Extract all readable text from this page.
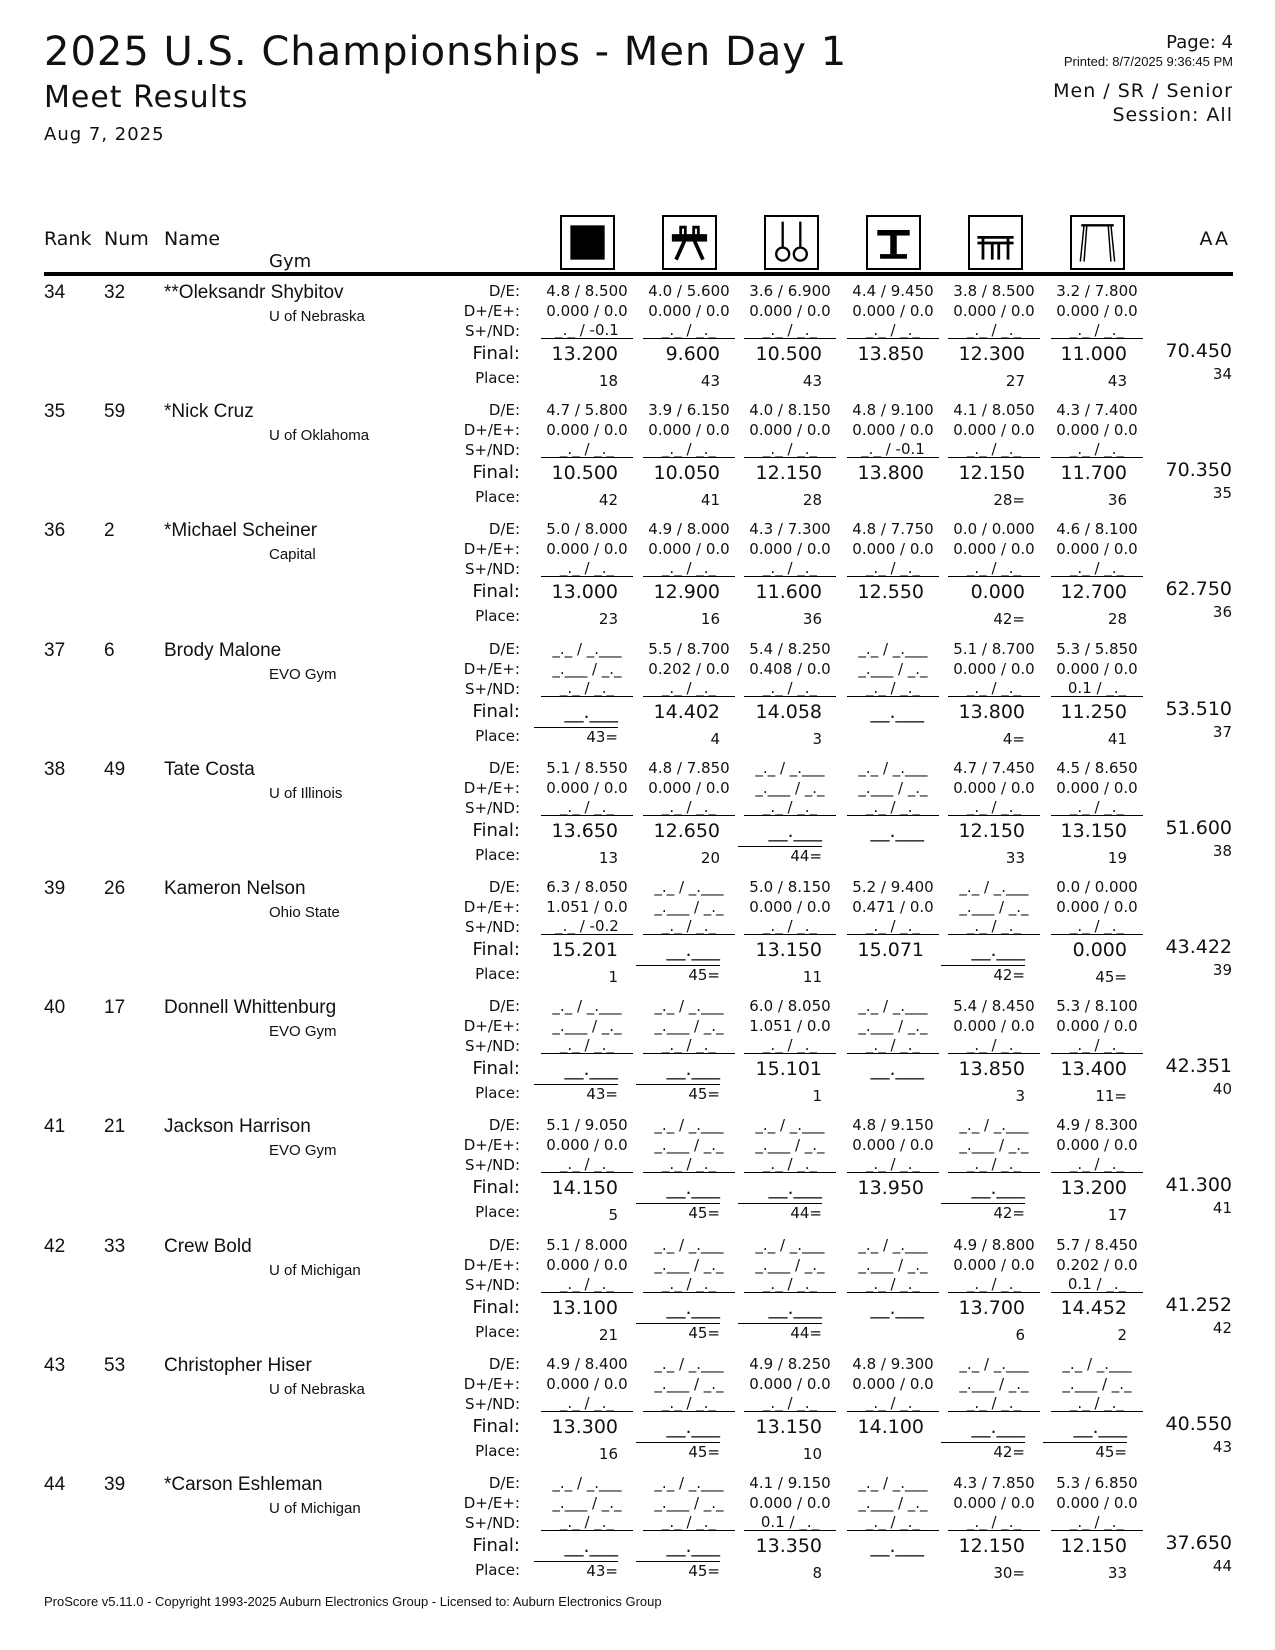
2025 U.S. Championships - Men Day 1
Meet Results
Aug 7, 2025
Page: 4
Printed: 8/7/2025 9:36:45 PM
Men / SR / Senior
Session: All
Rank Num Name
Gym
AA
34 32 **Oleksandr Shybitov
U of Nebraska
D/E:
D+/E+:
S+/ND:
Final:
Place:
4.8 / 8.500
0.000 / 0.0
_._ / -0.1
13.200
18
4.0 / 5.600
0.000 / 0.0
_._ / _._
9.600
43
3.6 / 6.900
0.000 / 0.0
_._ / _._
10.500
43
4.4 / 9.450
0.000 / 0.0
_._ / _._
13.850
3.8 / 8.500
0.000 / 0.0
_._ / _._
12.300
27
3.2 / 7.800
0.000 / 0.0
_._ / _._
11.000
43
70.450
34
35 59 *Nick Cruz
U of Oklahoma
D/E:
D+/E+:
S+/ND:
Final:
Place:
4.7 / 5.800
0.000 / 0.0
_._ / _._
10.500
42
3.9 / 6.150
0.000 / 0.0
_._ / _._
10.050
41
4.0 / 8.150
0.000 / 0.0
_._ / _._
12.150
28
4.8 / 9.100
0.000 / 0.0
_._ / -0.1
13.800
4.1 / 8.050
0.000 / 0.0
_._ / _._
12.150
28=
4.3 / 7.400
0.000 / 0.0
_._ / _._
11.700
36
70.350
35
36 2	*Michael Scheiner
Capital
D/E:
D+/E+:
S+/ND:
Final:
Place:
5.0 / 8.000
0.000 / 0.0
_._ / _._
13.000
23
4.9 / 8.000
0.000 / 0.0
_._ / _._
12.900
16
4.3 / 7.300
0.000 / 0.0
_._ / _._
11.600
36
4.8 / 7.750
0.000 / 0.0
_._ / _._
12.550
0.0 / 0.000
0.000 / 0.0
_._ / _._
0.000
42=
4.6 / 8.100
0.000 / 0.0
_._ / _._
12.700
28
62.750
36
37 6	Brody Malone
EVO Gym
D/E:
D+/E+:
S+/ND:
Final:
Place:
_._ / _.___
_.___ / _._
_._ / _._
__.___
43=
5.5 / 8.700
0.202 / 0.0
_._ / _._
14.402
4
5.4 / 8.250
0.408 / 0.0
_._ / _._
14.058
3
_._ / _.___
_.___ / _._
_._ / _._
__.___
5.1 / 8.700
0.000 / 0.0
_._ / _._
13.800
4=
5.3 / 5.850
0.000 / 0.0
0.1 / _._
11.250
41
53.510
37
38 49 Tate Costa
U of Illinois
D/E:
D+/E+:
S+/ND:
Final:
Place:
5.1 / 8.550
0.000 / 0.0
_._ / _._
13.650
13
4.8 / 7.850
0.000 / 0.0
_._ / _._
12.650
20
_._ / _.___
_.___ / _._
_._ / _._
__.___
44=
_._ / _.___
_.___ / _._
_._ / _._
__.___
4.7 / 7.450
0.000 / 0.0
_._ / _._
12.150
33
4.5 / 8.650
0.000 / 0.0
_._ / _._
13.150
19
51.600
38
39 26 Kameron Nelson
Ohio State
D/E:
D+/E+:
S+/ND:
Final:
Place:
6.3 / 8.050
1.051 / 0.0
_._ / -0.2
15.201
1
_._ / _.___
_.___ / _._
_._ / _._
__.___
45=
5.0 / 8.150
0.000 / 0.0
_._ / _._
13.150
11
5.2 / 9.400
0.471 / 0.0
_._ / _._
15.071
_._ / _.___
_.___ / _._
_._ / _._
__.___
42=
0.0 / 0.000
0.000 / 0.0
_._ / _._
0.000
45=
43.422
39
40 17 Donnell Whittenburg
EVO Gym
D/E:
D+/E+:
S+/ND:
Final:
Place:
_._ / _.___
_.___ / _._
_._ / _._
__.___
43=
_._ / _.___
_.___ / _._
_._ / _._
__.___
45=
6.0 / 8.050
1.051 / 0.0
_._ / _._
15.101
1
_._ / _.___
_.___ / _._
_._ / _._
__.___
5.4 / 8.450
0.000 / 0.0
_._ / _._
13.850
3
5.3 / 8.100
0.000 / 0.0
_._ / _._
13.400
11=
42.351
40
41 21 Jackson Harrison
EVO Gym
D/E:
D+/E+:
S+/ND:
Final:
Place:
5.1 / 9.050
0.000 / 0.0
_._ / _._
14.150
5
_._ / _.___
_.___ / _._
_._ / _._
__.___
45=
_._ / _.___
_.___ / _._
_._ / _._
__.___
44=
4.8 / 9.150
0.000 / 0.0
_._ / _._
13.950
_._ / _.___
_.___ / _._
_._ / _._
__.___
42=
4.9 / 8.300
0.000 / 0.0
_._ / _._
13.200
17
41.300
41
42 33 Crew Bold
U of Michigan
D/E:
D+/E+:
S+/ND:
Final:
Place:
5.1 / 8.000
0.000 / 0.0
_._ / _._
13.100
21
_._ / _.___
_.___ / _._
_._ / _._
__.___
45=
_._ / _.___
_.___ / _._
_._ / _._
__.___
44=
_._ / _.___
_.___ / _._
_._ / _._
__.___
4.9 / 8.800
0.000 / 0.0
_._ / _._
13.700
6
5.7 / 8.450
0.202 / 0.0
0.1 / _._
14.452
2
41.252
42
43 53 Christopher Hiser
U of Nebraska
D/E:
D+/E+:
S+/ND:
Final:
Place:
4.9 / 8.400
0.000 / 0.0
_._ / _._
13.300
16
_._ / _.___
_.___ / _._
_._ / _._
__.___
45=
4.9 / 8.250
0.000 / 0.0
_._ / _._
13.150
10
4.8 / 9.300
0.000 / 0.0
_._ / _._
14.100
_._ / _.___
_.___ / _._
_._ / _._
__.___
42=
_._ / _.___
_.___ / _._
_._ / _._
__.___
45=
40.550
43
44 39 *Carson Eshleman
U of Michigan
D/E:
D+/E+:
S+/ND:
Final:
Place:
_._ / _.___
_.___ / _._
_._ / _._
__.___
43=
_._ / _.___
_.___ / _._
_._ / _._
__.___
45=
4.1 / 9.150
0.000 / 0.0
0.1 / _._
13.350
8
_._ / _.___
_.___ / _._
_._ / _._
__.___
4.3 / 7.850
0.000 / 0.0
_._ / _._
12.150
30=
5.3 / 6.850
0.000 / 0.0
_._ / _._
12.150
33
37.650
44
ProScore v5.11.0 - Copyright 1993-2025 Auburn Electronics Group - Licensed to: Auburn Electronics Group
